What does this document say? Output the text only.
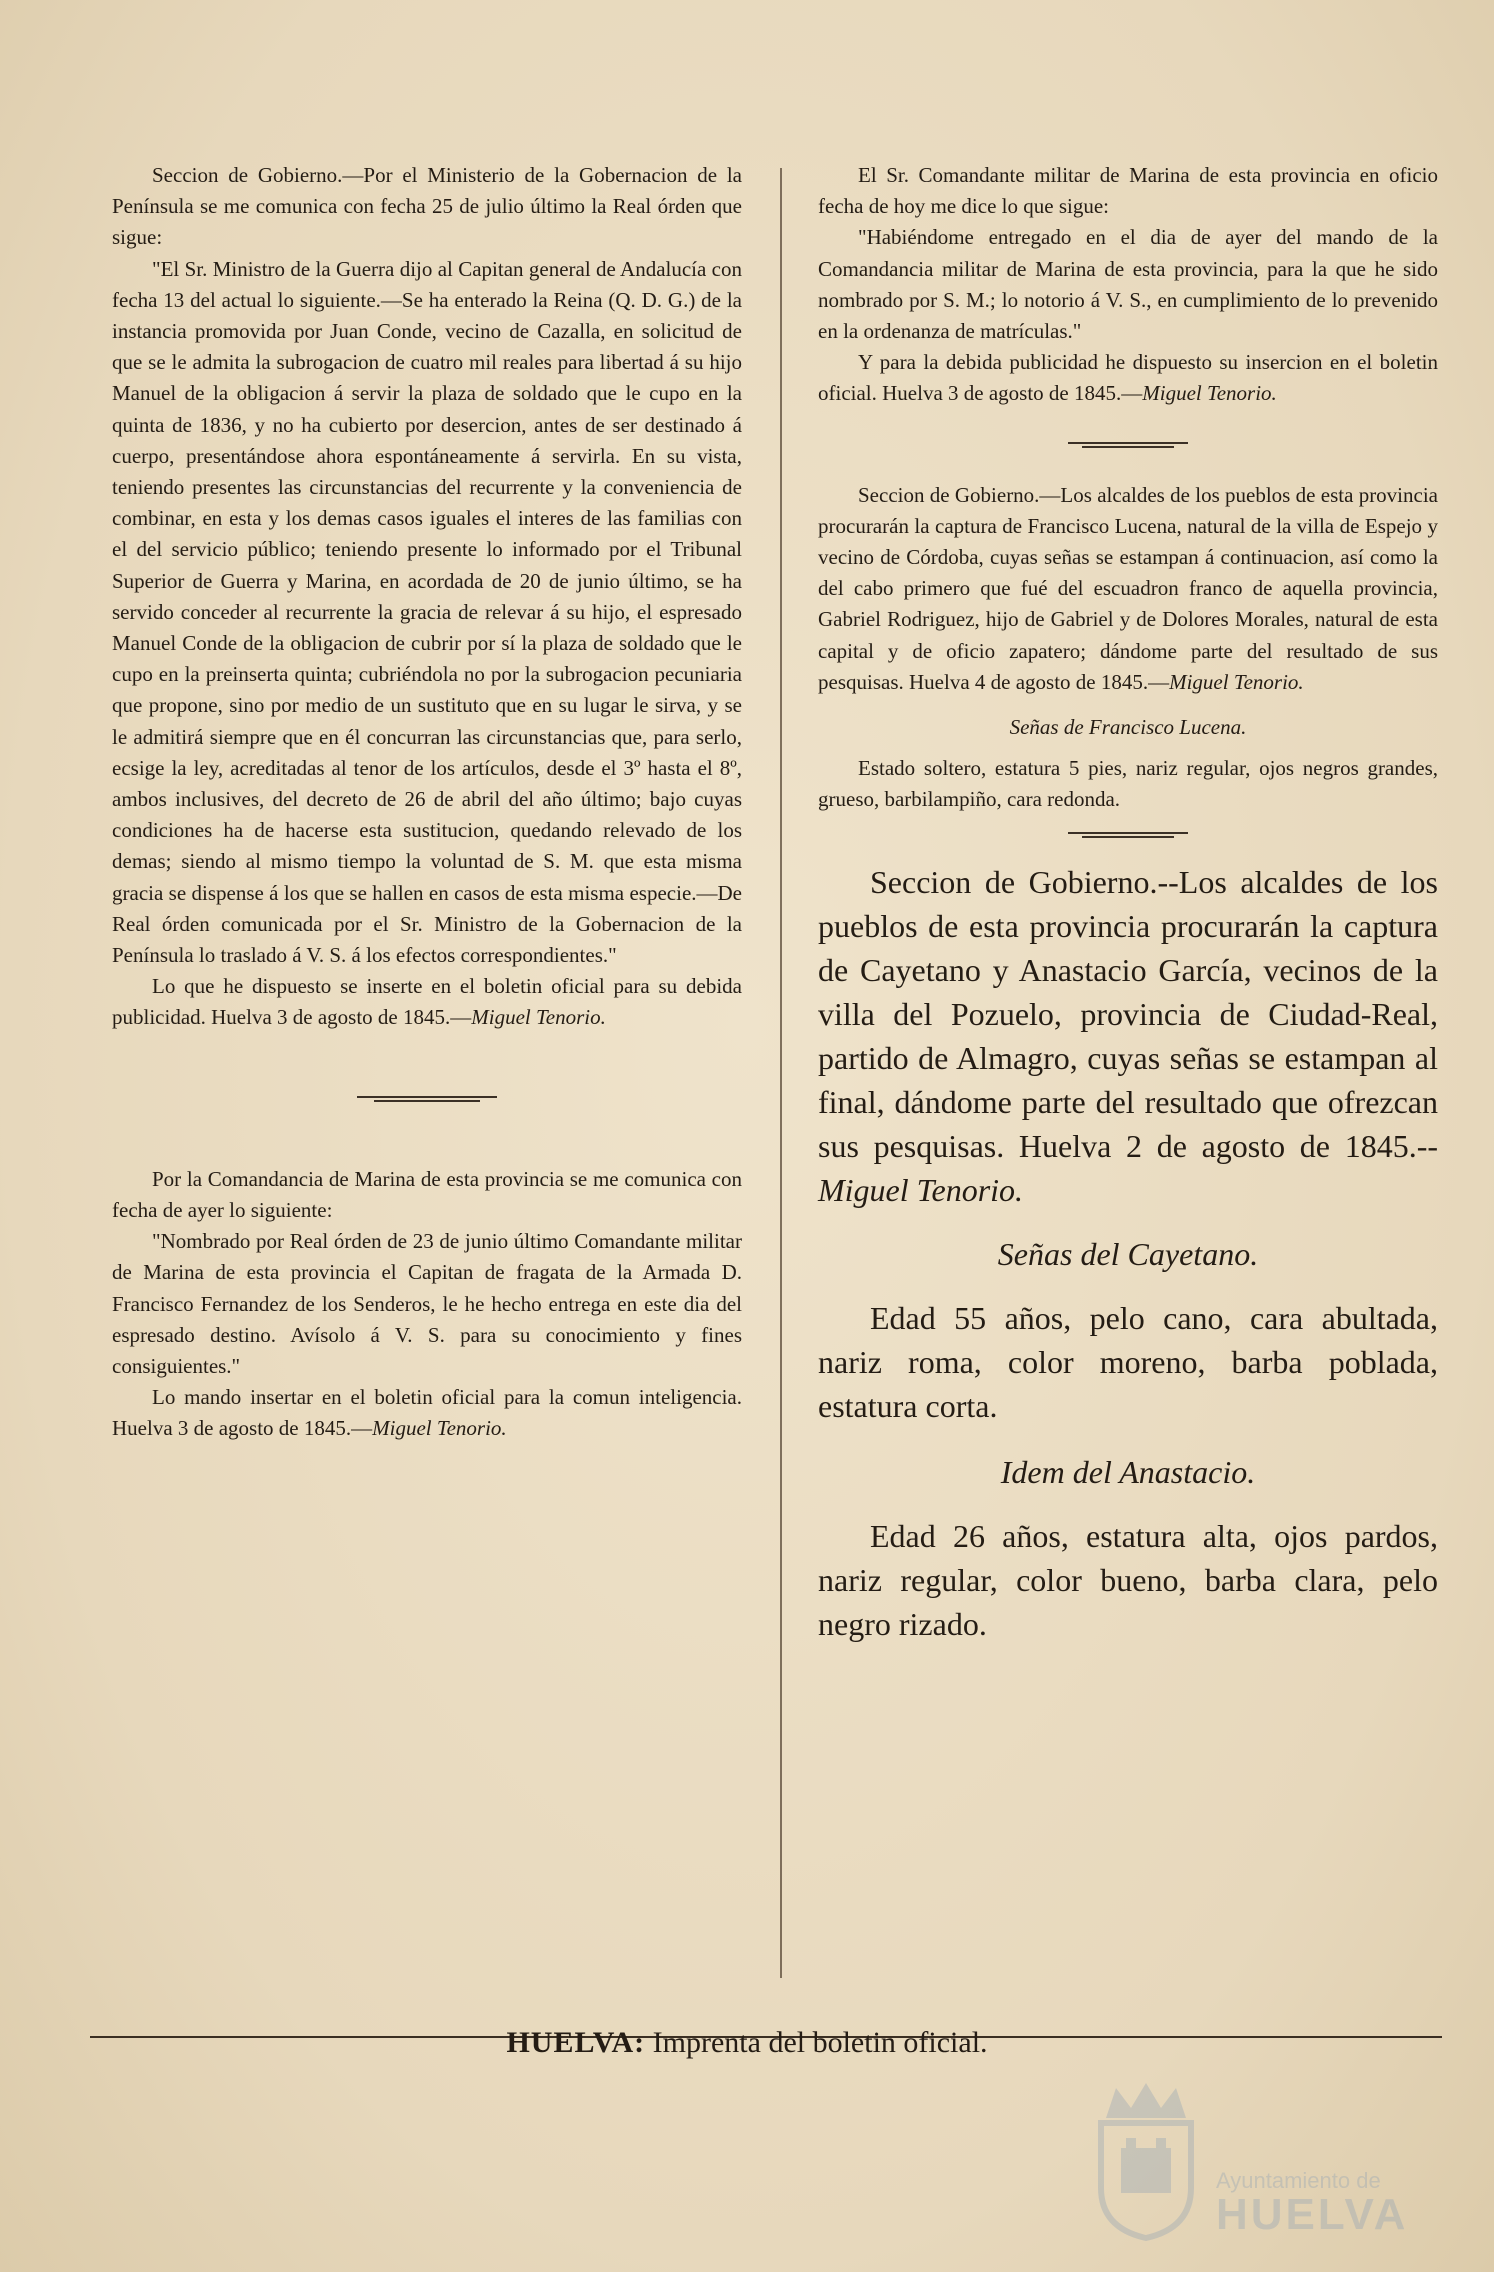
Seccion de Gobierno.—Por el Ministerio de la Gobernacion de la Península se me comunica con fecha 25 de julio último la Real órden que sigue:

"El Sr. Ministro de la Guerra dijo al Capitan general de Andalucía con fecha 13 del actual lo siguiente.—Se ha enterado la Reina (Q. D. G.) de la instancia promovida por Juan Conde, vecino de Cazalla, en solicitud de que se le admita la subrogacion de cuatro mil reales para libertad á su hijo Manuel de la obligacion á servir la plaza de soldado que le cupo en la quinta de 1836, y no ha cubierto por desercion, antes de ser destinado á cuerpo, presentándose ahora espontáneamente á servirla. En su vista, teniendo presentes las circunstancias del recurrente y la conveniencia de combinar, en esta y los demas casos iguales el interes de las familias con el del servicio público; teniendo presente lo informado por el Tribunal Superior de Guerra y Marina, en acordada de 20 de junio último, se ha servido conceder al recurrente la gracia de relevar á su hijo, el espresado Manuel Conde de la obligacion de cubrir por sí la plaza de soldado que le cupo en la preinserta quinta; cubriéndola no por la subrogacion pecuniaria que propone, sino por medio de un sustituto que en su lugar le sirva, y se le admitirá siempre que en él concurran las circunstancias que, para serlo, ecsige la ley, acreditadas al tenor de los artículos, desde el 3º hasta el 8º, ambos inclusives, del decreto de 26 de abril del año último; bajo cuyas condiciones ha de hacerse esta sustitucion, quedando relevado de los demas; siendo al mismo tiempo la voluntad de S. M. que esta misma gracia se dispense á los que se hallen en casos de esta misma especie.—De Real órden comunicada por el Sr. Ministro de la Gobernacion de la Península lo traslado á V. S. á los efectos correspondientes."

Lo que he dispuesto se inserte en el boletin oficial para su debida publicidad. Huelva 3 de agosto de 1845.—Miguel Tenorio.

Por la Comandancia de Marina de esta provincia se me comunica con fecha de ayer lo siguiente:

"Nombrado por Real órden de 23 de junio último Comandante militar de Marina de esta provincia el Capitan de fragata de la Armada D. Francisco Fernandez de los Senderos, le he hecho entrega en este dia del espresado destino. Avísolo á V. S. para su conocimiento y fines consiguientes."

Lo mando insertar en el boletin oficial para la comun inteligencia. Huelva 3 de agosto de 1845.—Miguel Tenorio.

El Sr. Comandante militar de Marina de esta provincia en oficio fecha de hoy me dice lo que sigue:

"Habiéndome entregado en el dia de ayer del mando de la Comandancia militar de Marina de esta provincia, para la que he sido nombrado por S. M.; lo notorio á V. S., en cumplimiento de lo prevenido en la ordenanza de matrículas."

Y para la debida publicidad he dispuesto su insercion en el boletin oficial. Huelva 3 de agosto de 1845.—Miguel Tenorio.

Seccion de Gobierno.—Los alcaldes de los pueblos de esta provincia procurarán la captura de Francisco Lucena, natural de la villa de Espejo y vecino de Córdoba, cuyas señas se estampan á continuacion, así como la del cabo primero que fué del escuadron franco de aquella provincia, Gabriel Rodriguez, hijo de Gabriel y de Dolores Morales, natural de esta capital y de oficio zapatero; dándome parte del resultado de sus pesquisas. Huelva 4 de agosto de 1845.—Miguel Tenorio.

Señas de Francisco Lucena.

Estado soltero, estatura 5 pies, nariz regular, ojos negros grandes, grueso, barbilampiño, cara redonda.

Seccion de Gobierno.--Los alcaldes de los pueblos de esta provincia procurarán la captura de Cayetano y Anastacio García, vecinos de la villa del Pozuelo, provincia de Ciudad-Real, partido de Almagro, cuyas señas se estampan al final, dándome parte del resultado que ofrezcan sus pesquisas. Huelva 2 de agosto de 1845.--Miguel Tenorio.

Señas del Cayetano.

Edad 55 años, pelo cano, cara abultada, nariz roma, color moreno, barba poblada, estatura corta.

Idem del Anastacio.

Edad 26 años, estatura alta, ojos pardos, nariz regular, color bueno, barba clara, pelo negro rizado.

HUELVA: Imprenta del boletin oficial.
Ayuntamiento de
HUELVA
